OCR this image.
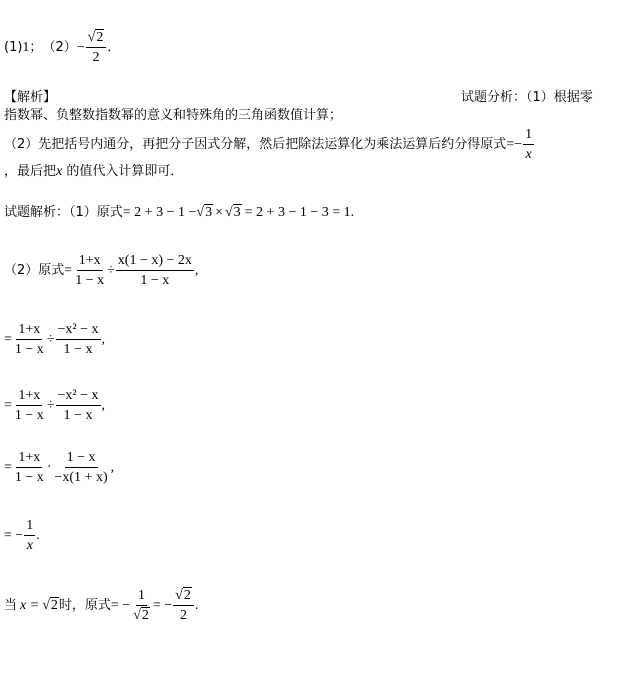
(1) 1 ； $(2) - \frac{√2}{2}$ ．
【解析】	试题分析：（1）根据零
指数幂、负整数指数幂的意义和特殊角的三角函数值计算；
（2）先把括号内通分，再把分子因式分解，然后把除法运算化为乘法运算后约分得原式 =− $\frac{1}{x}$
，最后把x 的值代入计算即可．
试题解析：（1）原式 = 2 + 3 − 1 − √3 × √3 = 2 + 3 − 1 − 3 = 1.
（2）原式 = $\frac{1+x}{1 - x} \div \frac{x(1 - x) - 2x}{1 - x}$ ,
= $\frac{1+x}{1 - x} \div \frac{\text{−x² − x}}{1 - x}$ ,
= $\frac{1+x}{1 - x} \div \frac{\text{−x² − x}}{1 - x}$ ,
= $\frac{1+x}{1 - x} \cdot \frac{1 - x}{-x(1 + x)}$ ,
= − $\frac{1}{x}$ .
当 x = √2 时，原式 = − $\frac{1}{√2}$ = − $\frac{√2}{2}$ .
